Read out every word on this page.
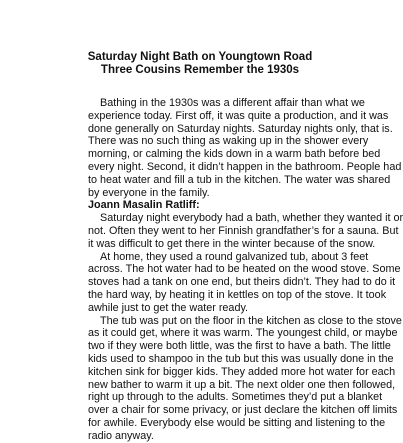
Saturday Night Bath on Youngtown Road
Three Cousins Remember the 1930s
Bathing in the 1930s was a different affair than what we
experience today. First off, it was quite a production, and it was
done generally on Saturday nights. Saturday nights only, that is.
There was no such thing as waking up in the shower every
morning, or calming the kids down in a warm bath before bed
every night. Second, it didn’t happen in the bathroom. People had
to heat water and fill a tub in the kitchen. The water was shared
by everyone in the family.
Joann Masalin Ratliff:
Saturday night everybody had a bath, whether they wanted it or
not. Often they went to her Finnish grandfather’s for a sauna. But
it was difficult to get there in the winter because of the snow.
At home, they used a round galvanized tub, about 3 feet
across. The hot water had to be heated on the wood stove. Some
stoves had a tank on one end, but theirs didn’t. They had to do it
the hard way, by heating it in kettles on top of the stove. It took
awhile just to get the water ready.
The tub was put on the floor in the kitchen as close to the stove
as it could get, where it was warm. The youngest child, or maybe
two if they were both little, was the first to have a bath. The little
kids used to shampoo in the tub but this was usually done in the
kitchen sink for bigger kids. They added more hot water for each
new bather to warm it up a bit. The next older one then followed,
right up through to the adults. Sometimes they’d put a blanket
over a chair for some privacy, or just declare the kitchen off limits
for awhile. Everybody else would be sitting and listening to the
radio anyway.
